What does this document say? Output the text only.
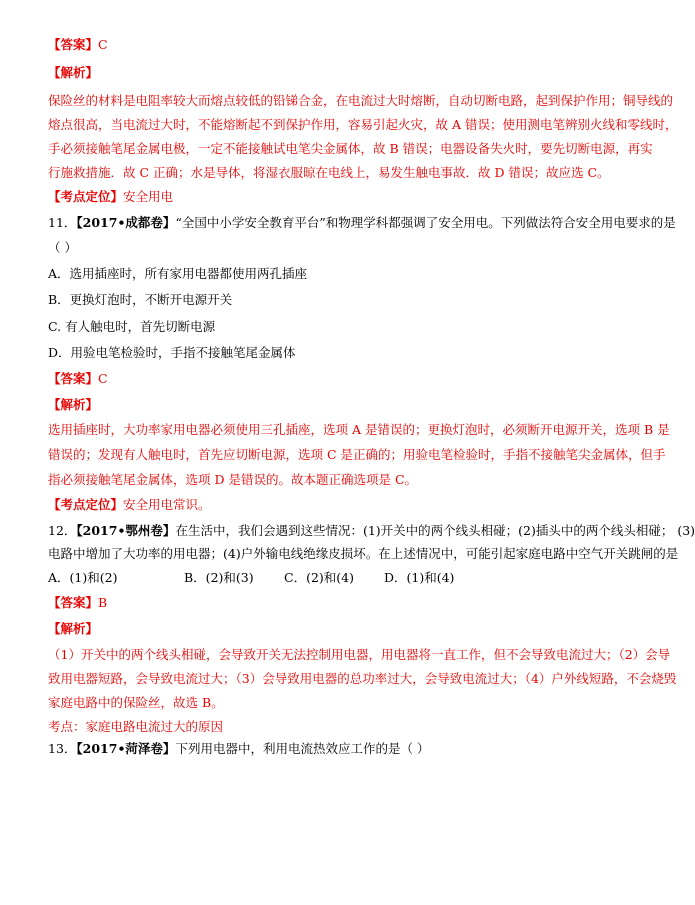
【答案】C
【解析】
保险丝的材料是电阻率较大而熔点较低的铅锑合金，在电流过大时熔断，自动切断电路，起到保护作用；铜导线的
熔点很高，当电流过大时，不能熔断起不到保护作用，容易引起火灾，故 A 错误；使用测电笔辨别火线和零线时，
手必须接触笔尾金属电极，一定不能接触试电笔尖金属体，故 B 错误；电器设备失火时，要先切断电源，再实
行施救措施．故 C 正确；水是导体，将湿衣服晾在电线上，易发生触电事故．故 D 错误；故应选 C。
【考点定位】安全用电
11．【2017•成都卷】“全国中小学安全教育平台”和物理学科都强调了安全用电。下列做法符合安全用电要求的是
（ ）
A．选用插座时，所有家用电器都使用两孔插座
B．更换灯泡时，不断开电源开关
C. 有人触电时，首先切断电源
D．用验电笔检验时，手指不接触笔尾金属体
【答案】C
【解析】
选用插座时，大功率家用电器必须使用三孔插座，选项 A 是错误的；更换灯泡时，必须断开电源开关，选项 B 是
错误的；发现有人触电时，首先应切断电源，选项 C 是正确的；用验电笔检验时，手指不接触笔尖金属体，但手
指必须接触笔尾金属体，选项 D 是错误的。故本题正确选项是 C。
【考点定位】安全用电常识。
12．【2017•鄂州卷】在生活中，我们会遇到这些情况：(1)开关中的两个线头相碰；(2)插头中的两个线头相碰； (3)
电路中增加了大功率的用电器；(4)户外输电线绝缘皮损坏。在上述情况中，可能引起家庭电路中空气开关跳闸的是
A．(1)和(2)	B．(2)和(3) C．(2)和(4) D．(1)和(4)
【答案】B
【解析】
（1）开关中的两个线头相碰，会导致开关无法控制用电器，用电器将一直工作，但不会导致电流过大；（2）会导
致用电器短路，会导致电流过大；（3）会导致用电器的总功率过大，会导致电流过大；（4）户外线短路，不会烧毁
家庭电路中的保险丝，故选 B。
考点：家庭电路电流过大的原因
13．【2017•菏泽卷】下列用电器中，利用电流热效应工作的是（ ）
